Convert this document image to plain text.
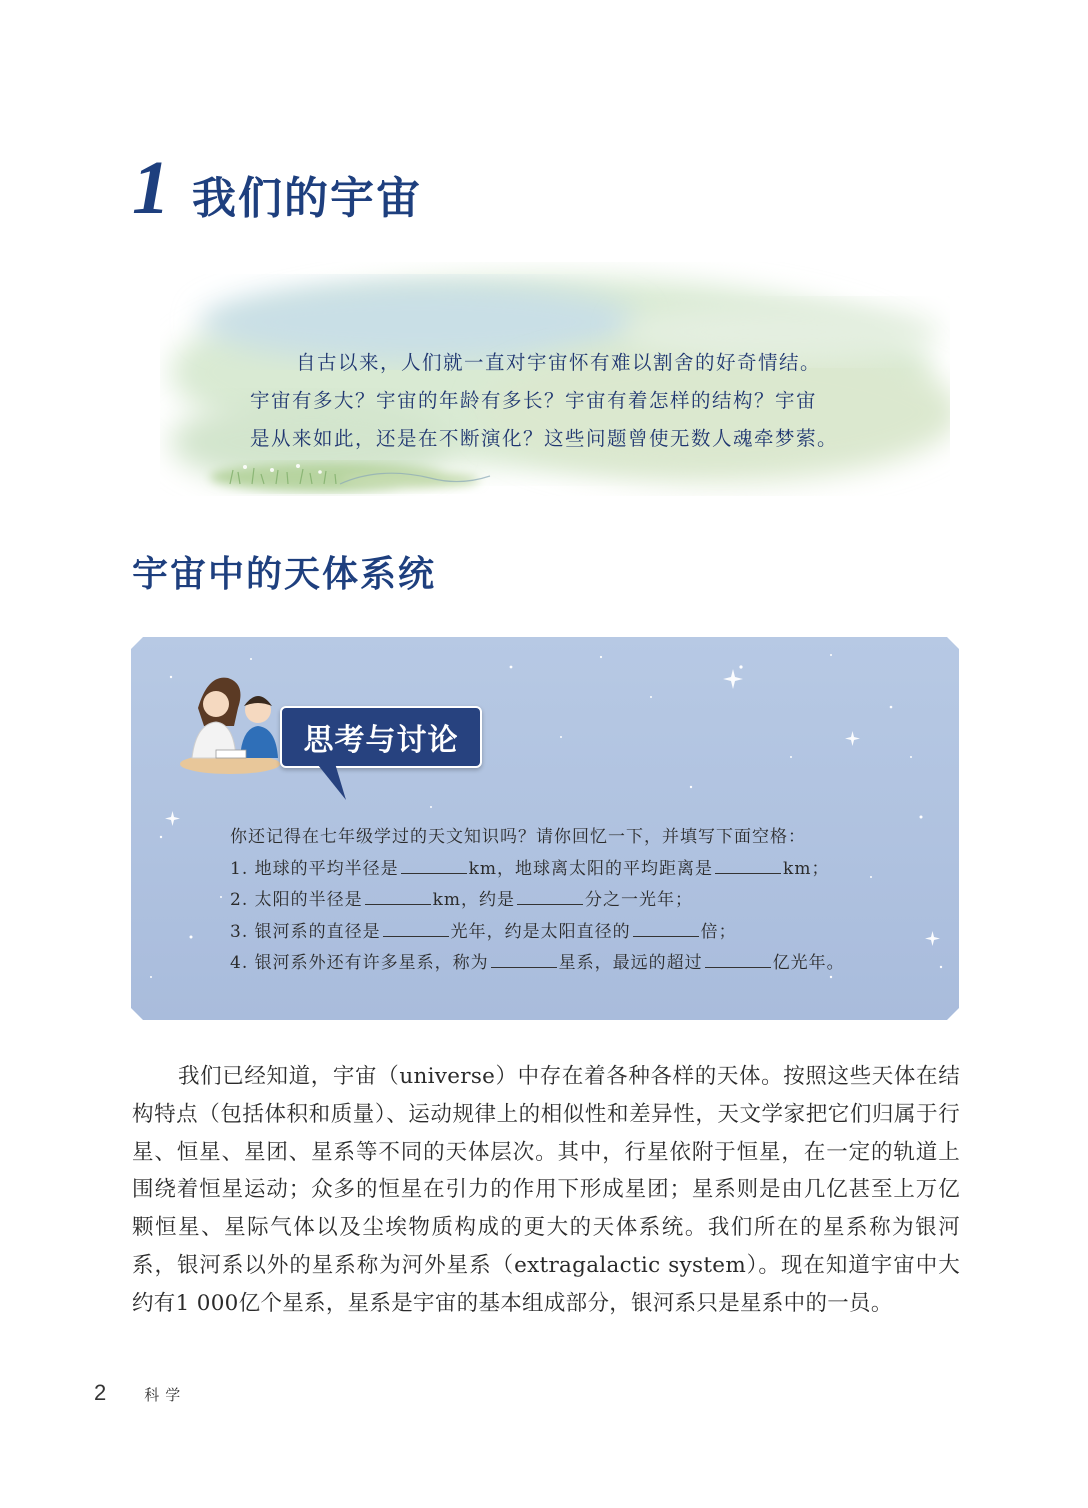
1 我们的宇宙

自古以来，人们就一直对宇宙怀有难以割舍的好奇情结。

宇宙有多大？宇宙的年龄有多长？宇宙有着怎样的结构？宇宙

是从来如此，还是在不断演化？这些问题曾使无数人魂牵梦萦。

宇宙中的天体系统
思考与讨论

你还记得在七年级学过的天文知识吗？请你回忆一下，并填写下面空格：

1. 地球的平均半径是	km，地球离太阳的平均距离是	km；

2. 太阳的半径是	km，约是	分之一光年；

3. 银河系的直径是	光年，约是太阳直径的	倍；

4. 银河系外还有许多星系，称为	星系，最远的超过	亿光年。

我们已经知道，宇宙（universe）中存在着各种各样的天体。按照这些天体在结构特点（包括体积和质量）、运动规律上的相似性和差异性，天文学家把它们归属于行星、恒星、星团、星系等不同的天体层次。其中，行星依附于恒星，在一定的轨道上围绕着恒星运动；众多的恒星在引力的作用下形成星团；星系则是由几亿甚至上万亿颗恒星、星际气体以及尘埃物质构成的更大的天体系统。我们所在的星系称为银河系，银河系以外的星系称为河外星系（extragalactic system）。现在知道宇宙中大约有1 000亿个星系，星系是宇宙的基本组成部分，银河系只是星系中的一员。

2	科学
